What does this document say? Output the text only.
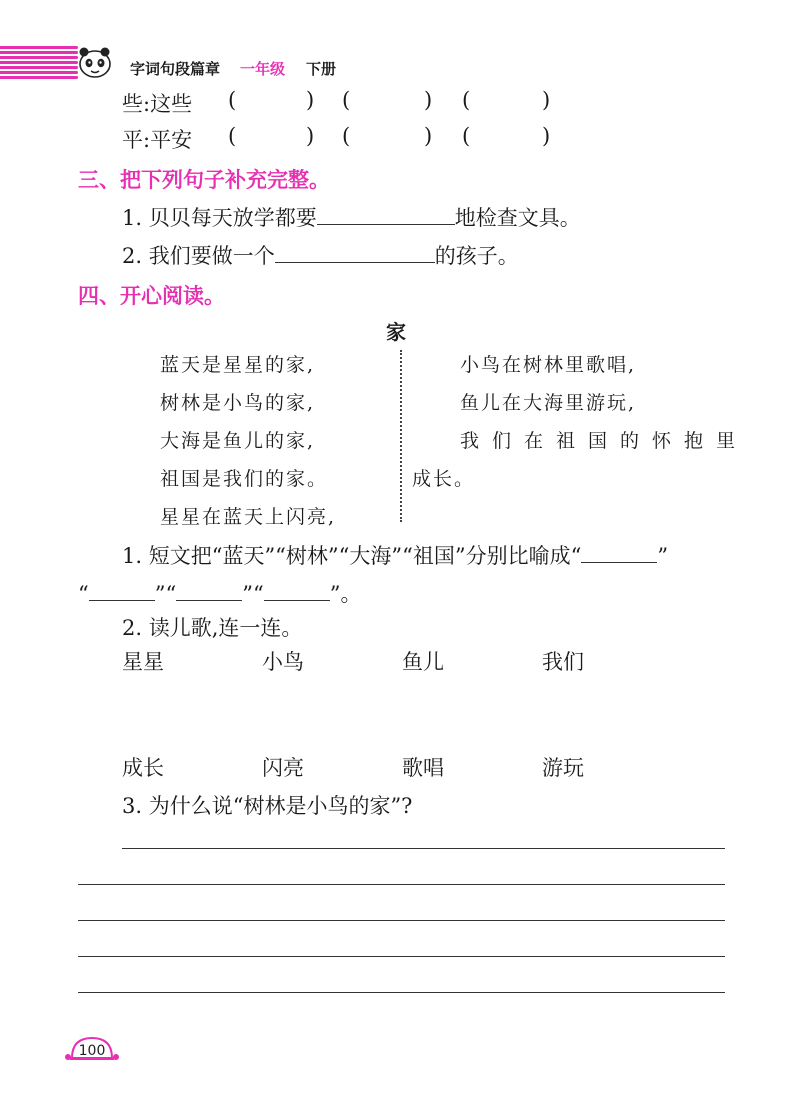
字词句段篇章 一年级 下册
些:这些 (	) (	) (	)
平:平安 (	) (	) (	)
三、把下列句子补充完整。
1. 贝贝每天放学都要	地检查文具。
2. 我们要做一个	的孩子。
四、开心阅读。
家
蓝天是星星的家,
树林是小鸟的家,
大海是鱼儿的家,
祖国是我们的家。
星星在蓝天上闪亮,
小鸟在树林里歌唱,
鱼儿在大海里游玩,
我们在祖国的怀抱里
成长。
1. 短文把“蓝天”“树林”“大海”“祖国”分别比喻成“	”
“	”“	”“	”。
2. 读儿歌,连一连。
星星	小鸟	鱼儿	我们
成长	闪亮	歌唱	游玩
3. 为什么说“树林是小鸟的家”?
100
